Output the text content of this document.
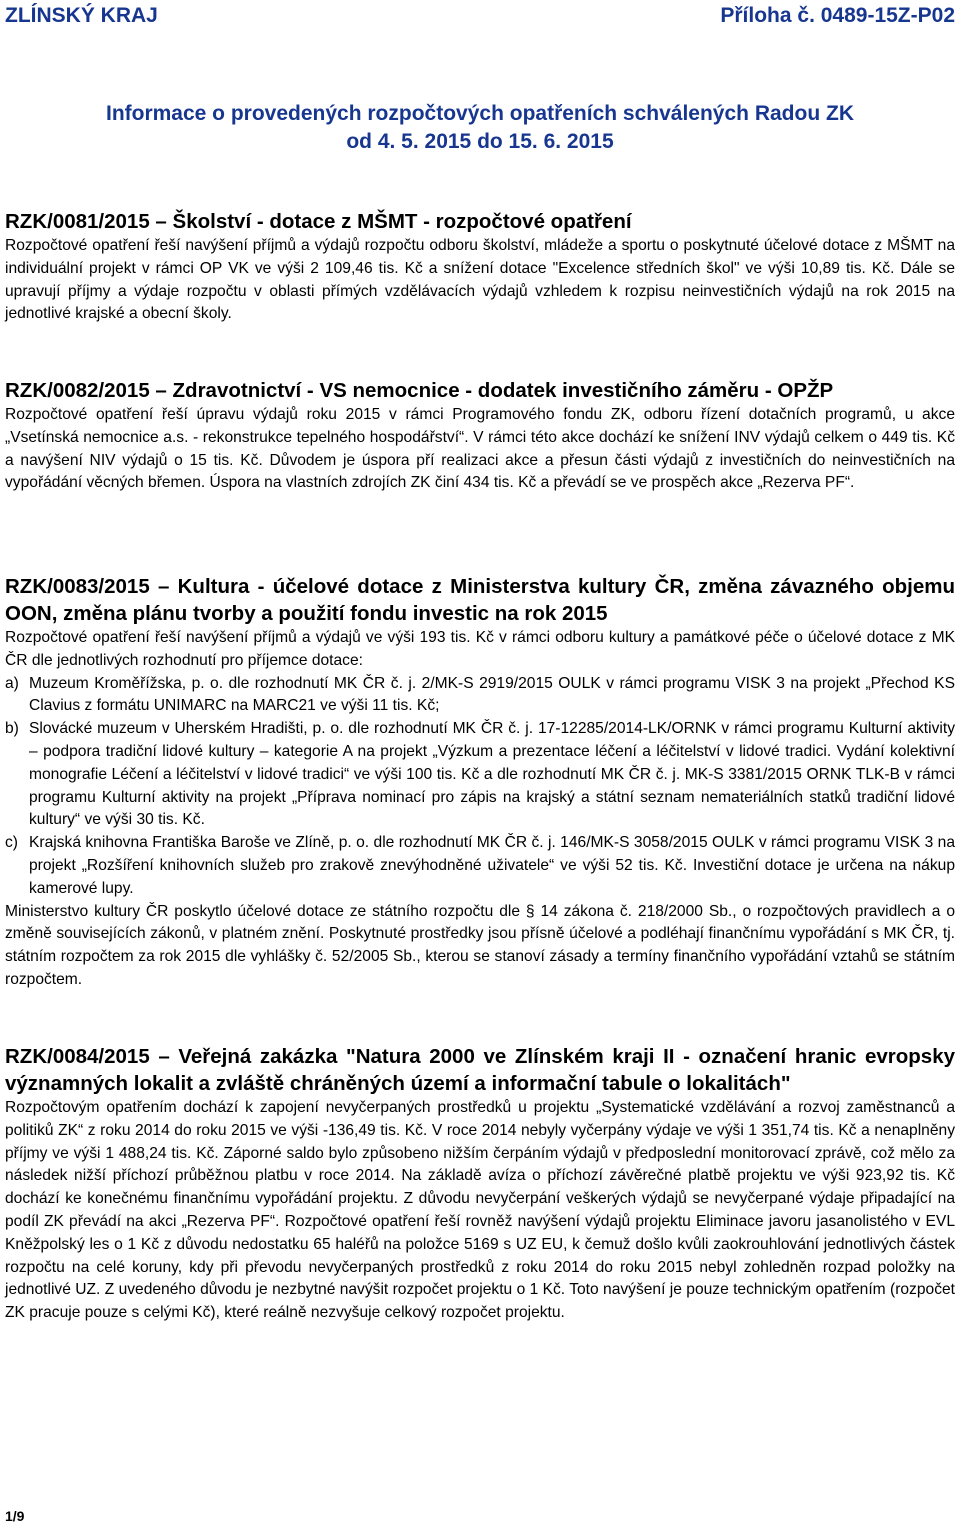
ZLÍNSKÝ KRAJ	Příloha č. 0489-15Z-P02
Informace o provedených rozpočtových opatřeních schválených Radou ZK
od 4. 5. 2015 do 15. 6. 2015
RZK/0081/2015 – Školství - dotace z MŠMT - rozpočtové opatření

Rozpočtové opatření řeší navýšení příjmů a výdajů rozpočtu odboru školství, mládeže a sportu o poskytnuté účelové dotace z MŠMT na individuální projekt v rámci OP VK ve výši 2 109,46 tis. Kč a snížení dotace "Excelence středních škol" ve výši 10,89 tis. Kč. Dále se upravují příjmy a výdaje rozpočtu v oblasti přímých vzdělávacích výdajů vzhledem k rozpisu neinvestičních výdajů na rok 2015 na jednotlivé krajské a obecní školy.

RZK/0082/2015 – Zdravotnictví - VS nemocnice - dodatek investičního záměru - OPŽP

Rozpočtové opatření řeší úpravu výdajů roku 2015 v rámci Programového fondu ZK, odboru řízení dotačních programů, u akce „Vsetínská nemocnice a.s. - rekonstrukce tepelného hospodářství“. V rámci této akce dochází ke snížení INV výdajů celkem o 449 tis. Kč a navýšení NIV výdajů o 15 tis. Kč. Důvodem je úspora pří realizaci akce a přesun části výdajů z investičních do neinvestičních na vypořádání věcných břemen. Úspora na vlastních zdrojích ZK činí 434 tis. Kč a převádí se ve prospěch akce „Rezerva PF“.

RZK/0083/2015 – Kultura - účelové dotace z Ministerstva kultury ČR, změna závazného objemu OON, změna plánu tvorby a použití fondu investic na rok 2015

Rozpočtové opatření řeší navýšení příjmů a výdajů ve výši 193 tis. Kč v rámci odboru kultury a památkové péče o účelové dotace z MK ČR dle jednotlivých rozhodnutí pro příjemce dotace:

a) Muzeum Kroměřížska, p. o. dle rozhodnutí MK ČR č. j. 2/MK-S 2919/2015 OULK v rámci programu VISK 3 na projekt „Přechod KS Clavius z formátu UNIMARC na MARC21 ve výši 11 tis. Kč;
b) Slovácké muzeum v Uherském Hradišti, p. o. dle rozhodnutí MK ČR č. j. 17-12285/2014-LK/ORNK v rámci programu Kulturní aktivity – podpora tradiční lidové kultury – kategorie A na projekt „Výzkum a prezentace léčení a léčitelství v lidové tradici. Vydání kolektivní monografie Léčení a léčitelství v lidové tradici“ ve výši 100 tis. Kč a dle rozhodnutí MK ČR č. j. MK-S 3381/2015 ORNK TLK-B v rámci programu Kulturní aktivity na projekt „Příprava nominací pro zápis na krajský a státní seznam nemateriálních statků tradiční lidové kultury“ ve výši 30 tis. Kč.
c) Krajská knihovna Františka Baroše ve Zlíně, p. o. dle rozhodnutí MK ČR č. j. 146/MK-S 3058/2015 OULK v rámci programu VISK 3 na projekt „Rozšíření knihovních služeb pro zrakově znevýhodněné uživatele“ ve výši 52 tis. Kč. Investiční dotace je určena na nákup kamerové lupy.

Ministerstvo kultury ČR poskytlo účelové dotace ze státního rozpočtu dle § 14 zákona č. 218/2000 Sb., o rozpočtových pravidlech a o změně souvisejících zákonů, v platném znění. Poskytnuté prostředky jsou přísně účelové a podléhají finančnímu vypořádání s MK ČR, tj. státním rozpočtem za rok 2015 dle vyhlášky č. 52/2005 Sb., kterou se stanoví zásady a termíny finančního vypořádání vztahů se státním rozpočtem.

RZK/0084/2015 – Veřejná zakázka "Natura 2000 ve Zlínském kraji II - označení hranic evropsky významných lokalit a zvláště chráněných území a informační tabule o lokalitách"

Rozpočtovým opatřením dochází k zapojení nevyčerpaných prostředků u projektu „Systematické vzdělávání a rozvoj zaměstnanců a politiků ZK“ z roku 2014 do roku 2015 ve výši -136,49 tis. Kč. V roce 2014 nebyly vyčerpány výdaje ve výši 1 351,74 tis. Kč a nenaplněny příjmy ve výši 1 488,24 tis. Kč. Záporné saldo bylo způsobeno nižším čerpáním výdajů v předposlední monitorovací zprávě, což mělo za následek nižší příchozí průběžnou platbu v roce 2014. Na základě avíza o příchozí závěrečné platbě projektu ve výši 923,92 tis. Kč dochází ke konečnému finančnímu vypořádání projektu. Z důvodu nevyčerpání veškerých výdajů se nevyčerpané výdaje připadající na podíl ZK převádí na akci „Rezerva PF“. Rozpočtové opatření řeší rovněž navýšení výdajů projektu Eliminace javoru jasanolistého v EVL Kněžpolský les o 1 Kč z důvodu nedostatku 65 haléřů na položce 5169 s UZ EU, k čemuž došlo kvůli zaokrouhlování jednotlivých částek rozpočtu na celé koruny, kdy při převodu nevyčerpaných prostředků z roku 2014 do roku 2015 nebyl zohledněn rozpad položky na jednotlivé UZ. Z uvedeného důvodu je nezbytné navýšit rozpočet projektu o 1 Kč. Toto navýšení je pouze technickým opatřením (rozpočet ZK pracuje pouze s celými Kč), které reálně nezvyšuje celkový rozpočet projektu.

1/9
